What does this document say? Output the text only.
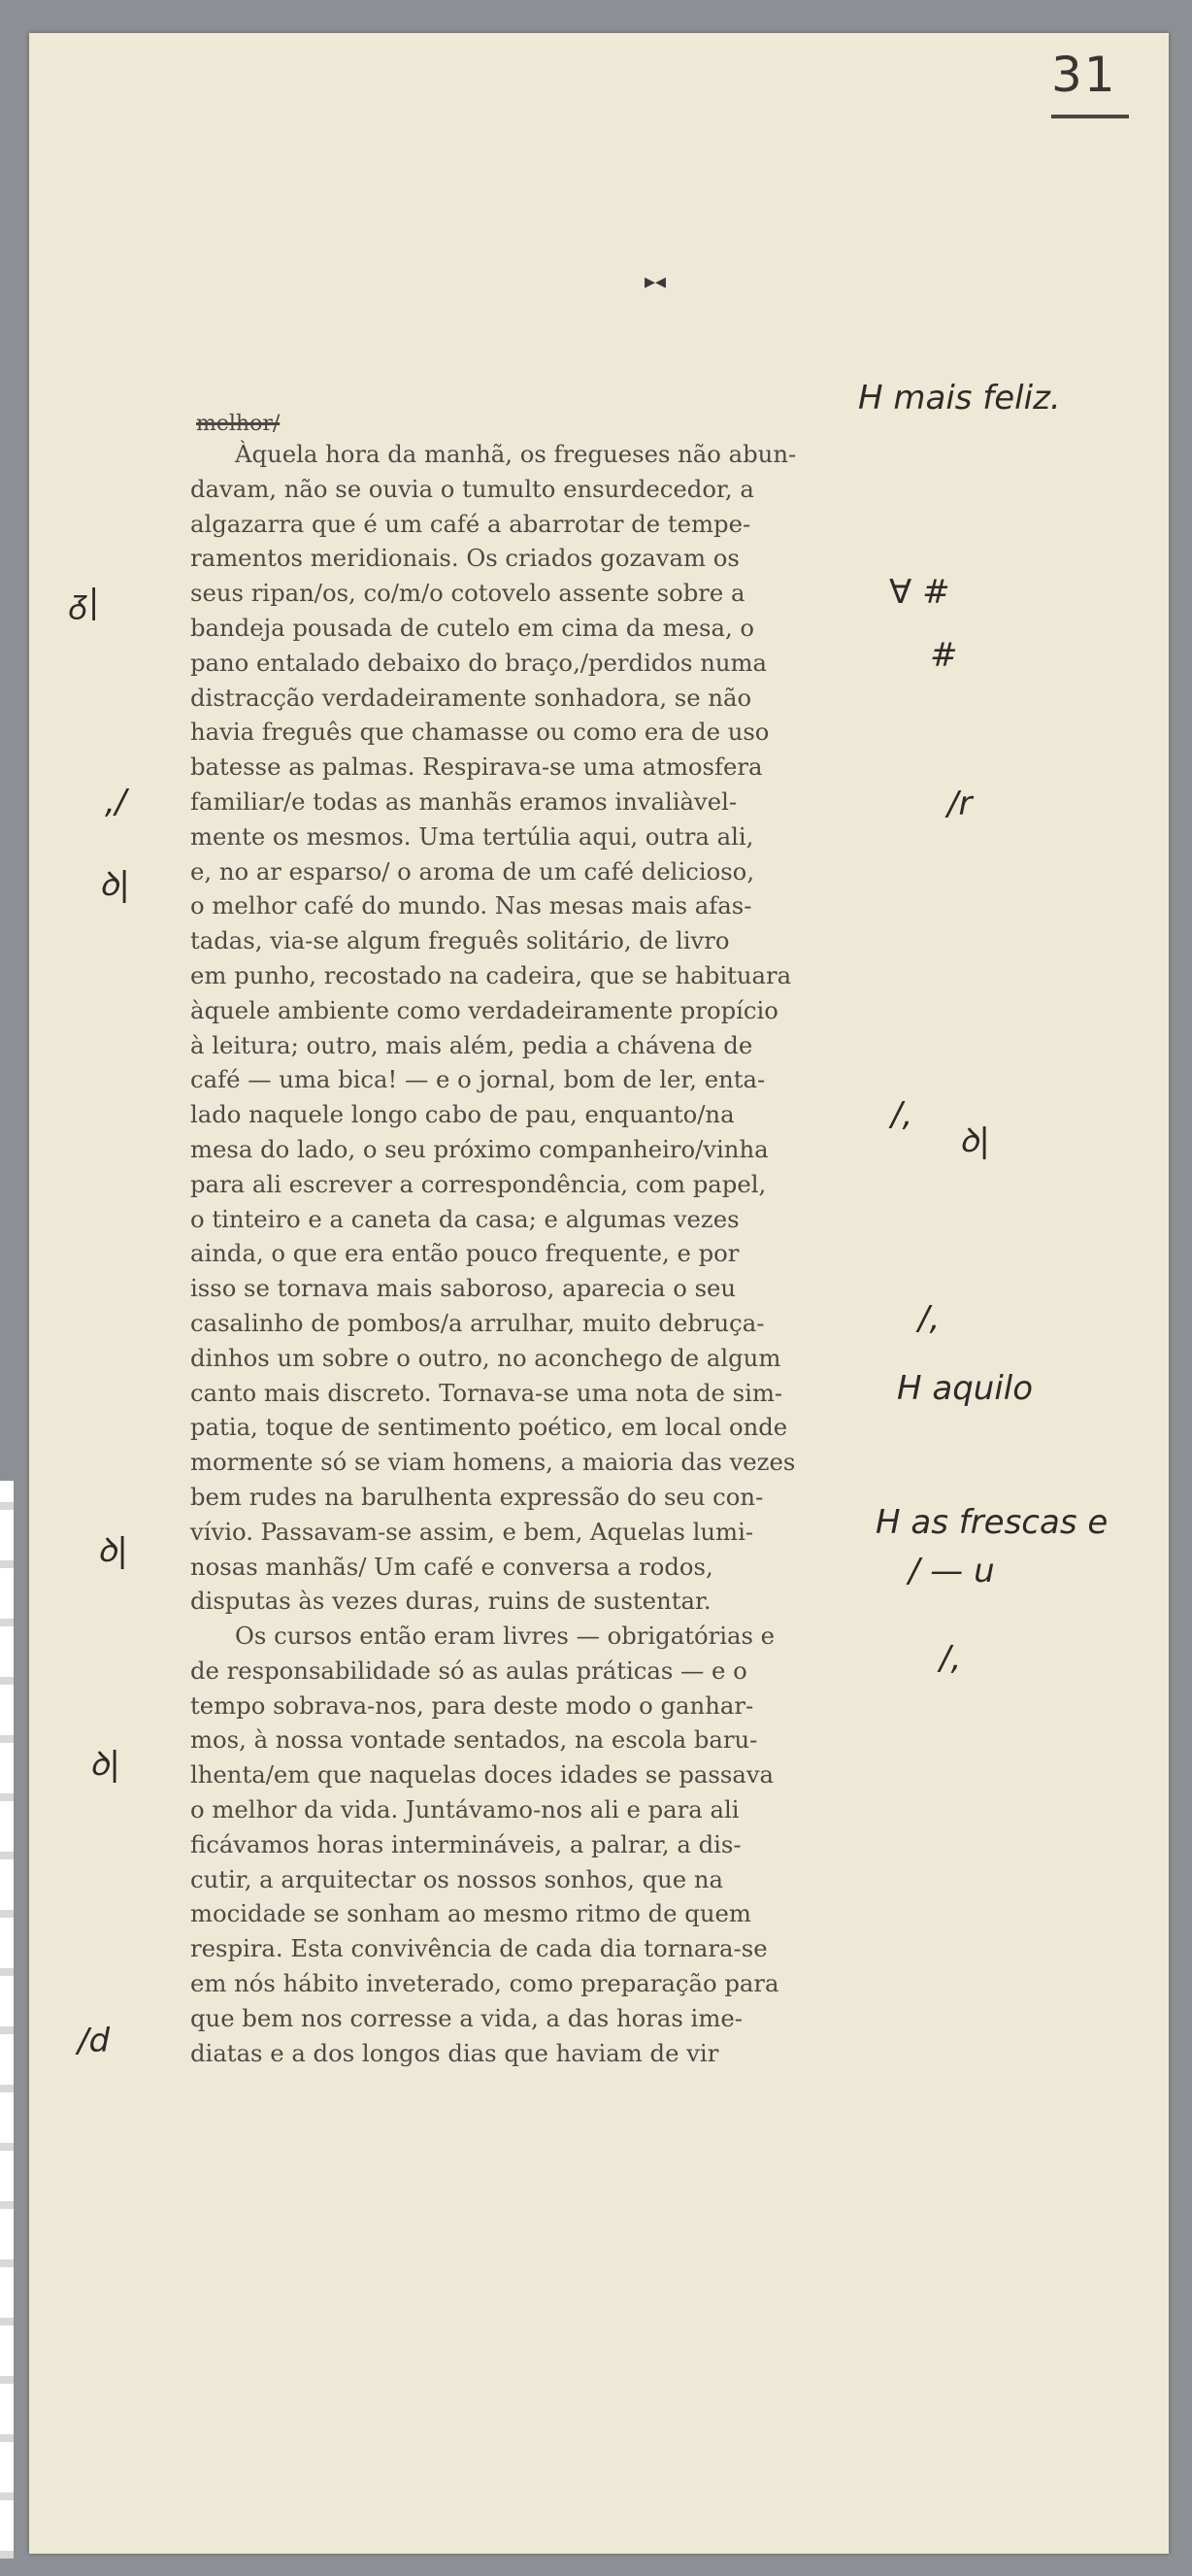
31
▸◂
melhor/
Àquela hora da manhã, os fregueses não abun-
davam, não se ouvia o tumulto ensurdecedor, a
algazarra que é um café a abarrotar de tempe-
ramentos meridionais. Os criados gozavam os
seus ripan/os, co/m/o cotovelo assente sobre a
bandeja pousada de cutelo em cima da mesa, o
pano entalado debaixo do braço,/perdidos numa
distracção verdadeiramente sonhadora, se não
havia freguês que chamasse ou como era de uso
batesse as palmas. Respirava-se uma atmosfera
familiar/e todas as manhãs eramos invaliàvel-
mente os mesmos. Uma tertúlia aqui, outra ali,
e, no ar esparso/ o aroma de um café delicioso,
o melhor café do mundo. Nas mesas mais afas-
tadas, via-se algum freguês solitário, de livro
em punho, recostado na cadeira, que se habituara
àquele ambiente como verdadeiramente propício
à leitura; outro, mais além, pedia a chávena de
café — uma bica! — e o jornal, bom de ler, enta-
lado naquele longo cabo de pau, enquanto/na
mesa do lado, o seu próximo companheiro/vinha
para ali escrever a correspondência, com papel,
o tinteiro e a caneta da casa; e algumas vezes
ainda, o que era então pouco frequente, e por
isso se tornava mais saboroso, aparecia o seu
casalinho de pombos/a arrulhar, muito debruça-
dinhos um sobre o outro, no aconchego de algum
canto mais discreto. Tornava-se uma nota de sim-
patia, toque de sentimento poético, em local onde
mormente só se viam homens, a maioria das vezes
bem rudes na barulhenta expressão do seu con-
vívio. Passavam-se assim, e bem, Aquelas lumi-
nosas manhãs/ Um café e conversa a rodos,
disputas às vezes duras, ruins de sustentar.
Os cursos então eram livres — obrigatórias e
de responsabilidade só as aulas práticas — e o
tempo sobrava-nos, para deste modo o ganhar-
mos, à nossa vontade sentados, na escola baru-
lhenta/em que naquelas doces idades se passava
o melhor da vida. Juntávamo-nos ali e para ali
ficávamos horas intermináveis, a palrar, a dis-
cutir, a arquitectar os nossos sonhos, que na
mocidade se sonham ao mesmo ritmo de quem
respira. Esta convivência de cada dia tornara-se
em nós hábito inveterado, como preparação para
que bem nos corresse a vida, a das horas ime-
diatas e a dos longos dias que haviam de vir
H mais feliz.
∀ #
#
/r
/,
ꝺ|
/,
H aquilo
H as frescas e
/ — u
/,
ᵹ|
,/
ꝺ|
ꝺ|
ꝺ|
/d
